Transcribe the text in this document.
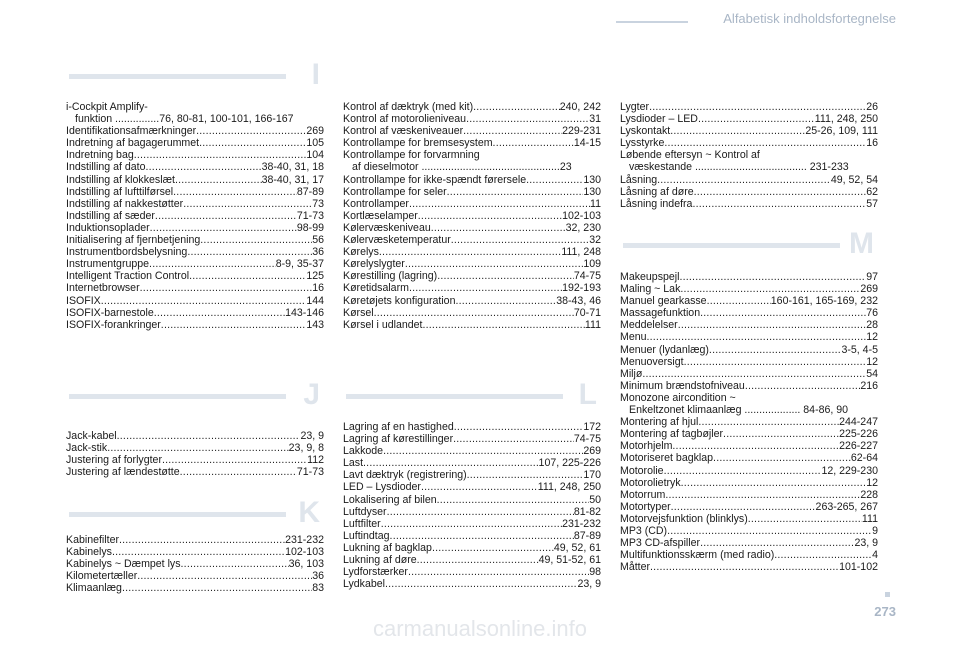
Alfabetisk indholdsfortegnelse
I
i-Cockpit Amplify-
funktion ...............76, 80-81, 100-101, 166-167
Identifikationsafmærkninger .....	269
Indretning af bagagerummet .....	105
Indretning bag .....	104
Indstilling af dato .....	38-40, 31, 18
Indstilling af klokkeslæt .....	38-40, 31, 17
Indstilling af lufttilførsel .....	87-89
Indstilling af nakkestøtter .....	73
Indstilling af sæder .....	71-73
Induktionsoplader .....	98-99
Initialisering af fjernbetjening .....	56
Instrumentbordsbelysning .....	36
Instrumentgruppe .....	8-9, 35-37
Intelligent Traction Control .....	125
Internetbrowser .....	16
ISOFIX .....	144
ISOFIX-barnestole .....	143-146
ISOFIX-forankringer .....	143
J
Jack-kabel .....	23, 9
Jack-stik .....	23, 9, 8
Justering af forlygter .....	112
Justering af lændestøtte .....	71-73
K
Kabinefilter .....	231-232
Kabinelys .....	102-103
Kabinelys ~ Dæmpet lys .....	36, 103
Kilometertæller .....	36
Klimaanlæg .....	83
Kontrol af dæktryk (med kit) .....	240, 242
Kontrol af motorolieniveau .....	31
Kontrol af væskeniveauer .....	229-231
Kontrollampe for bremsesystem .....	14-15
Kontrollampe for forvarmning
af dieselmotor ...............................................23
Kontrollampe for ikke-spændt førersele .....	130
Kontrollampe for seler .....	130
Kontrollamper .....	11
Kortlæselamper .....	102-103
Kølervæskeniveau .....	32, 230
Kølervæsketemperatur .....	32
Kørelys .....	111, 248
Kørelyslygter .....	109
Kørestilling (lagring) .....	74-75
Køretidsalarm .....	192-193
Køretøjets konfiguration .....	38-43, 46
Kørsel .....	70-71
Kørsel i udlandet .....	111
L
Lagring af en hastighed .....	172
Lagring af kørestillinger .....	74-75
Lakkode .....	269
Last .....	107, 225-226
Lavt dæktryk (registrering) .....	170
LED – Lysdioder .....	111, 248, 250
Lokalisering af bilen .....	50
Luftdyser .....	81-82
Luftfilter .....	231-232
Luftindtag .....	87-89
Lukning af bagklap .....	49, 52, 61
Lukning af døre .....	49, 51-52, 61
Lydforstærker .....	98
Lydkabel .....	23, 9
Lygter .....	26
Lysdioder – LED .....	111, 248, 250
Lyskontakt .....	25-26, 109, 111
Lysstyrke .....	16
Løbende eftersyn ~ Kontrol af
væskestande ...................................... 231-233
Låsning .....	49, 52, 54
Låsning af døre .....	62
Låsning indefra .....	57
M
Makeupspejl .....	97
Maling ~ Lak .....	269
Manuel gearkasse .....	160-161, 165-169, 232
Massagefunktion .....	76
Meddelelser .....	28
Menu .....	12
Menuer (lydanlæg) .....	3-5, 4-5
Menuoversigt .....	12
Miljø .....	54
Minimum brændstofniveau .....	216
Monozone aircondition ~
Enkeltzonet klimaanlæg ................... 84-86, 90
Montering af hjul .....	244-247
Montering af tagbøjler .....	225-226
Motorhjelm .....	226-227
Motoriseret bagklap .....	62-64
Motorolie .....	12, 229-230
Motorolietryk .....	12
Motorrum .....	228
Motortyper .....	263-265, 267
Motorvejsfunktion (blinklys) .....	111
MP3 (CD) .....	9
MP3 CD-afspiller .....	23, 9
Multifunktionsskærm (med radio) .....	4
Måtter .....	101-102
273
carmanualsonline.info
